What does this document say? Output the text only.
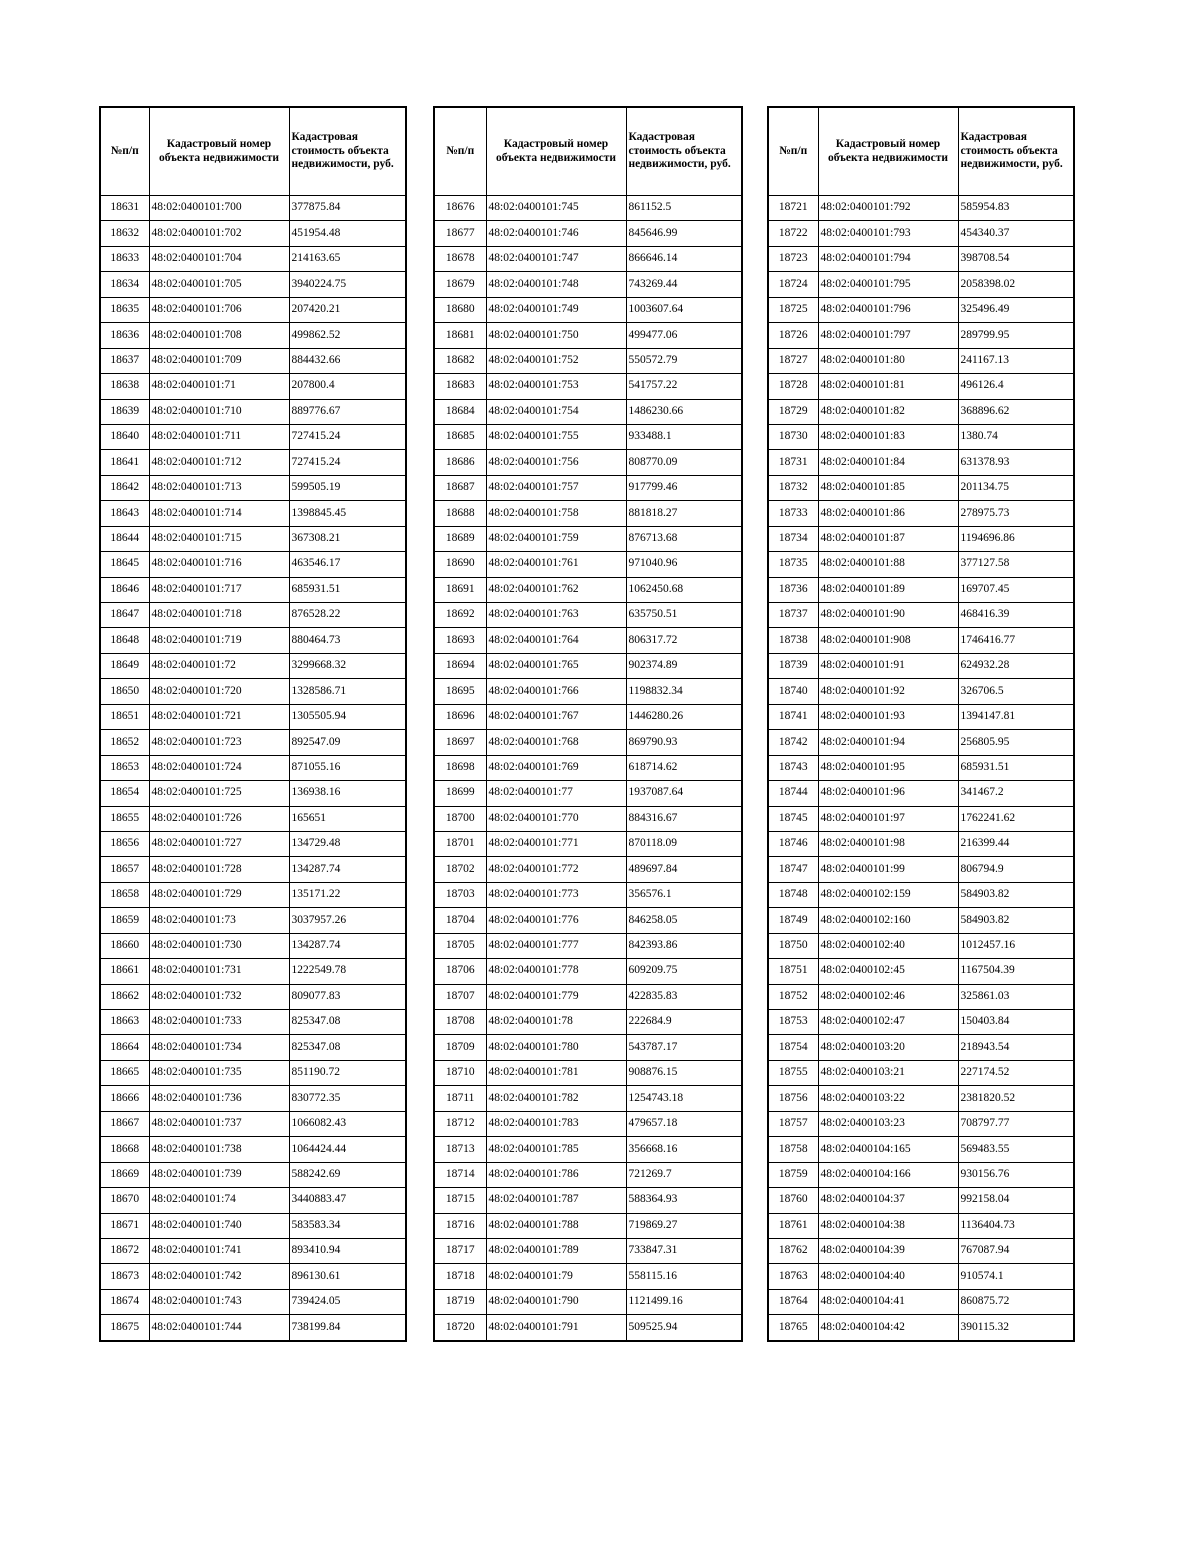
№п/п	Кадастровый номер объекта недвижимости	Кадастровая стоимость объекта недвижимости, руб.
18631	48:02:0400101:700	377875.84
18632	48:02:0400101:702	451954.48
18633	48:02:0400101:704	214163.65
18634	48:02:0400101:705	3940224.75
18635	48:02:0400101:706	207420.21
18636	48:02:0400101:708	499862.52
18637	48:02:0400101:709	884432.66
18638	48:02:0400101:71	207800.4
18639	48:02:0400101:710	889776.67
18640	48:02:0400101:711	727415.24
18641	48:02:0400101:712	727415.24
18642	48:02:0400101:713	599505.19
18643	48:02:0400101:714	1398845.45
18644	48:02:0400101:715	367308.21
18645	48:02:0400101:716	463546.17
18646	48:02:0400101:717	685931.51
18647	48:02:0400101:718	876528.22
18648	48:02:0400101:719	880464.73
18649	48:02:0400101:72	3299668.32
18650	48:02:0400101:720	1328586.71
18651	48:02:0400101:721	1305505.94
18652	48:02:0400101:723	892547.09
18653	48:02:0400101:724	871055.16
18654	48:02:0400101:725	136938.16
18655	48:02:0400101:726	165651
18656	48:02:0400101:727	134729.48
18657	48:02:0400101:728	134287.74
18658	48:02:0400101:729	135171.22
18659	48:02:0400101:73	3037957.26
18660	48:02:0400101:730	134287.74
18661	48:02:0400101:731	1222549.78
18662	48:02:0400101:732	809077.83
18663	48:02:0400101:733	825347.08
18664	48:02:0400101:734	825347.08
18665	48:02:0400101:735	851190.72
18666	48:02:0400101:736	830772.35
18667	48:02:0400101:737	1066082.43
18668	48:02:0400101:738	1064424.44
18669	48:02:0400101:739	588242.69
18670	48:02:0400101:74	3440883.47
18671	48:02:0400101:740	583583.34
18672	48:02:0400101:741	893410.94
18673	48:02:0400101:742	896130.61
18674	48:02:0400101:743	739424.05
18675	48:02:0400101:744	738199.84
№п/п	Кадастровый номер объекта недвижимости	Кадастровая стоимость объекта недвижимости, руб.
18676	48:02:0400101:745	861152.5
18677	48:02:0400101:746	845646.99
18678	48:02:0400101:747	866646.14
18679	48:02:0400101:748	743269.44
18680	48:02:0400101:749	1003607.64
18681	48:02:0400101:750	499477.06
18682	48:02:0400101:752	550572.79
18683	48:02:0400101:753	541757.22
18684	48:02:0400101:754	1486230.66
18685	48:02:0400101:755	933488.1
18686	48:02:0400101:756	808770.09
18687	48:02:0400101:757	917799.46
18688	48:02:0400101:758	881818.27
18689	48:02:0400101:759	876713.68
18690	48:02:0400101:761	971040.96
18691	48:02:0400101:762	1062450.68
18692	48:02:0400101:763	635750.51
18693	48:02:0400101:764	806317.72
18694	48:02:0400101:765	902374.89
18695	48:02:0400101:766	1198832.34
18696	48:02:0400101:767	1446280.26
18697	48:02:0400101:768	869790.93
18698	48:02:0400101:769	618714.62
18699	48:02:0400101:77	1937087.64
18700	48:02:0400101:770	884316.67
18701	48:02:0400101:771	870118.09
18702	48:02:0400101:772	489697.84
18703	48:02:0400101:773	356576.1
18704	48:02:0400101:776	846258.05
18705	48:02:0400101:777	842393.86
18706	48:02:0400101:778	609209.75
18707	48:02:0400101:779	422835.83
18708	48:02:0400101:78	222684.9
18709	48:02:0400101:780	543787.17
18710	48:02:0400101:781	908876.15
18711	48:02:0400101:782	1254743.18
18712	48:02:0400101:783	479657.18
18713	48:02:0400101:785	356668.16
18714	48:02:0400101:786	721269.7
18715	48:02:0400101:787	588364.93
18716	48:02:0400101:788	719869.27
18717	48:02:0400101:789	733847.31
18718	48:02:0400101:79	558115.16
18719	48:02:0400101:790	1121499.16
18720	48:02:0400101:791	509525.94
№п/п	Кадастровый номер объекта недвижимости	Кадастровая стоимость объекта недвижимости, руб.
18721	48:02:0400101:792	585954.83
18722	48:02:0400101:793	454340.37
18723	48:02:0400101:794	398708.54
18724	48:02:0400101:795	2058398.02
18725	48:02:0400101:796	325496.49
18726	48:02:0400101:797	289799.95
18727	48:02:0400101:80	241167.13
18728	48:02:0400101:81	496126.4
18729	48:02:0400101:82	368896.62
18730	48:02:0400101:83	1380.74
18731	48:02:0400101:84	631378.93
18732	48:02:0400101:85	201134.75
18733	48:02:0400101:86	278975.73
18734	48:02:0400101:87	1194696.86
18735	48:02:0400101:88	377127.58
18736	48:02:0400101:89	169707.45
18737	48:02:0400101:90	468416.39
18738	48:02:0400101:908	1746416.77
18739	48:02:0400101:91	624932.28
18740	48:02:0400101:92	326706.5
18741	48:02:0400101:93	1394147.81
18742	48:02:0400101:94	256805.95
18743	48:02:0400101:95	685931.51
18744	48:02:0400101:96	341467.2
18745	48:02:0400101:97	1762241.62
18746	48:02:0400101:98	216399.44
18747	48:02:0400101:99	806794.9
18748	48:02:0400102:159	584903.82
18749	48:02:0400102:160	584903.82
18750	48:02:0400102:40	1012457.16
18751	48:02:0400102:45	1167504.39
18752	48:02:0400102:46	325861.03
18753	48:02:0400102:47	150403.84
18754	48:02:0400103:20	218943.54
18755	48:02:0400103:21	227174.52
18756	48:02:0400103:22	2381820.52
18757	48:02:0400103:23	708797.77
18758	48:02:0400104:165	569483.55
18759	48:02:0400104:166	930156.76
18760	48:02:0400104:37	992158.04
18761	48:02:0400104:38	1136404.73
18762	48:02:0400104:39	767087.94
18763	48:02:0400104:40	910574.1
18764	48:02:0400104:41	860875.72
18765	48:02:0400104:42	390115.32
